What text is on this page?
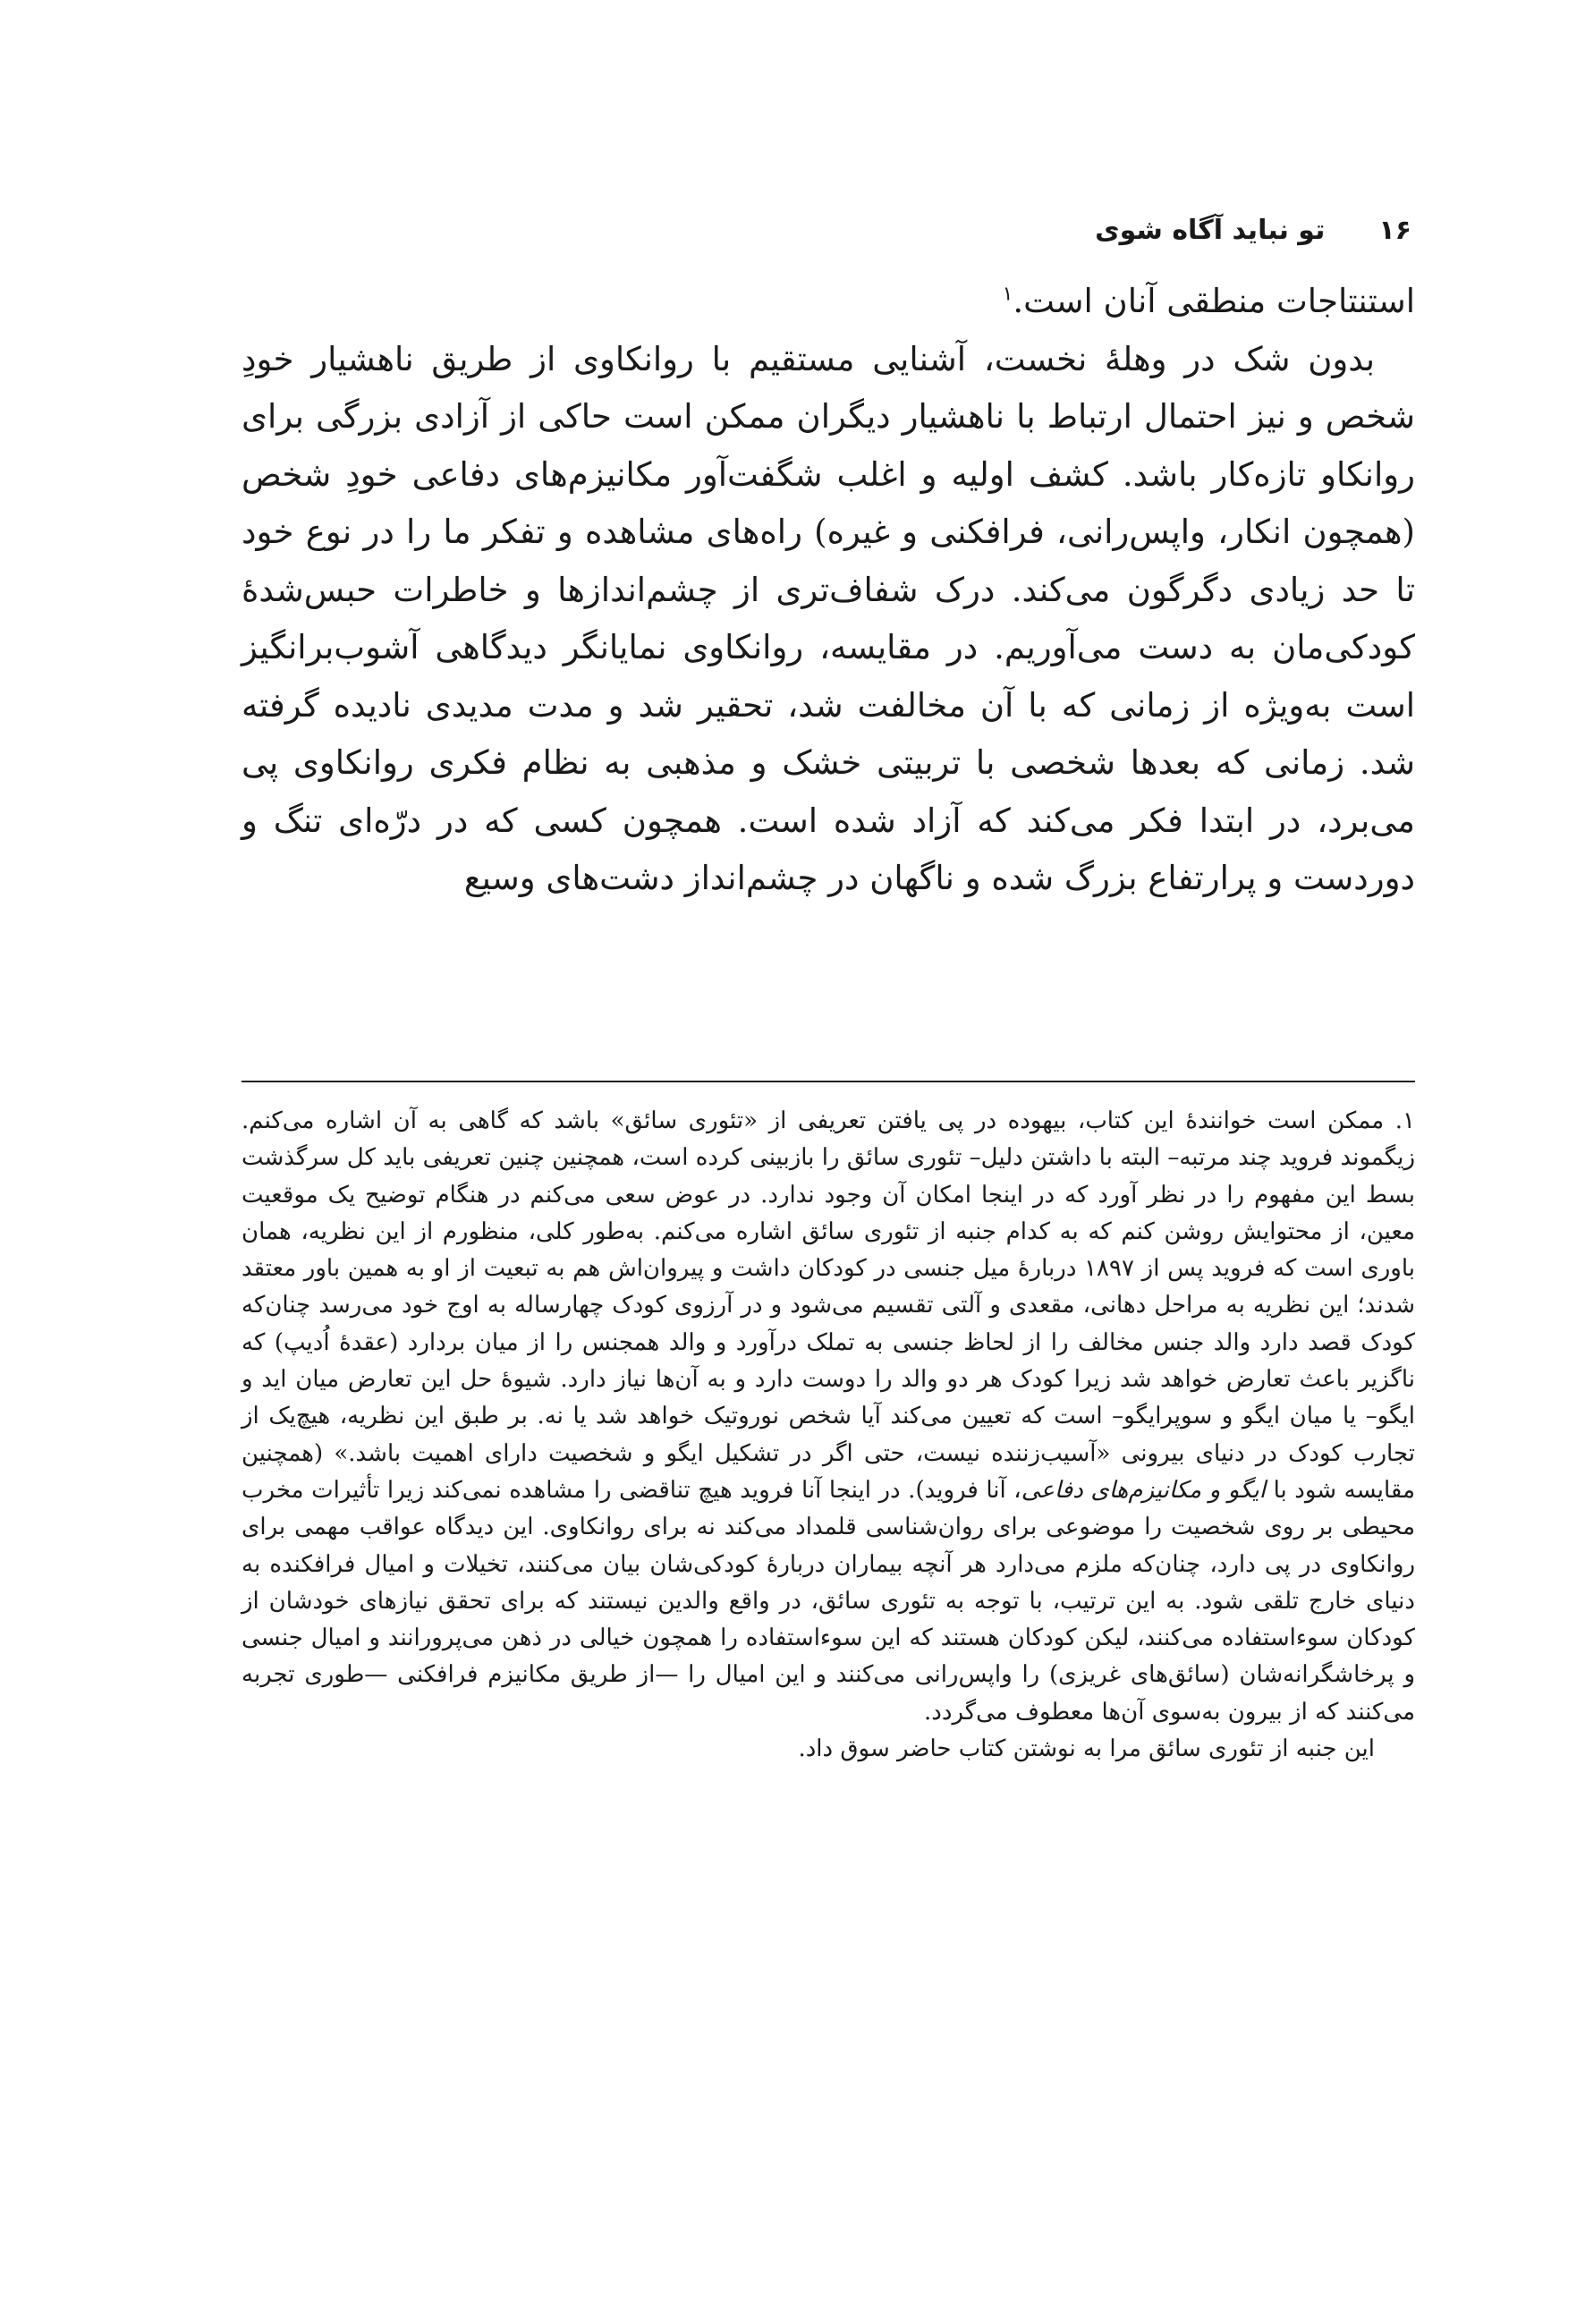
۱۶
تو نباید آگاه شوی

استنتاجات منطقی آنان است.$^۱$

بدون شک در وهلهٔ نخست، آشنایی مستقیم با روانکاوی از طریق ناهشیار خودِ شخص و نیز احتمال ارتباط با ناهشیار دیگران ممکن است حاکی از آزادی بزرگی برای روانکاو تازه‌کار باشد. کشف اولیه و اغلب شگفت‌آور مکانیزم‌های دفاعی خودِ شخص (همچون انکار، واپس‌رانی، فرافکنی و غیره) راه‌های مشاهده و تفکر ما را در نوع خود تا حد زیادی دگرگون می‌کند. درک شفاف‌تری از چشم‌اندازها و خاطرات حبس‌شدهٔ کودکی‌مان به دست می‌آوریم. در مقایسه، روانکاوی نمایانگر دیدگاهی آشوب‌برانگیز است به‌ویژه از زمانی که با آن مخالفت شد، تحقیر شد و مدت مدیدی نادیده گرفته شد. زمانی که بعدها شخصی با تربیتی خشک و مذهبی به نظام فکری روانکاوی پی می‌برد، در ابتدا فکر می‌کند که آزاد شده است. همچون کسی که در درّه‌ای تنگ و دوردست و پرارتفاع بزرگ شده و ناگهان در چشم‌انداز دشت‌های وسیع

۱. ممکن است خوانندهٔ این کتاب، بیهوده در پی یافتن تعریفی از «تئوری سائق» باشد که گاهی به آن اشاره می‌کنم. زیگموند فروید چند مرتبه– البته با داشتن دلیل– تئوری سائق را بازبینی کرده است، همچنین چنین تعریفی باید کل سرگذشت بسط این مفهوم را در نظر آورد که در اینجا امکان آن وجود ندارد. در عوض سعی می‌کنم در هنگام توضیح یک موقعیت معین، از محتوایش روشن کنم که به کدام جنبه از تئوری سائق اشاره می‌کنم. به‌طور کلی، منظورم از این نظریه، همان باوری است که فروید پس از ۱۸۹۷ دربارهٔ میل جنسی در کودکان داشت و پیروان‌اش هم به تبعیت از او به همین باور معتقد شدند؛ این نظریه به مراحل دهانی، مقعدی و آلتی تقسیم می‌شود و در آرزوی کودک چهارساله به اوج خود می‌رسد چنان‌که کودک قصد دارد والد جنس مخالف را از لحاظ جنسی به تملک درآورد و والد همجنس را از میان بردارد (عقدهٔ اُدیپ) که ناگزیر باعث تعارض خواهد شد زیرا کودک هر دو والد را دوست دارد و به آن‌ها نیاز دارد. شیوهٔ حل این تعارض میان اید و ایگو– یا میان ایگو و سوپرایگو– است که تعیین می‌کند آیا شخص نوروتیک خواهد شد یا نه. بر طبق این نظریه، هیچ‌یک از تجارب کودک در دنیای بیرونی «آسیب‌زننده نیست، حتی اگر در تشکیل ایگو و شخصیت دارای اهمیت باشد.» (همچنین مقایسه شود با ایگو و مکانیزم‌های دفاعی، آنا فروید). در اینجا آنا فروید هیچ تناقضی را مشاهده نمی‌کند زیرا تأثیرات مخرب محیطی بر روی شخصیت را موضوعی برای روان‌شناسی قلمداد می‌کند نه برای روانکاوی. این دیدگاه عواقب مهمی برای روانکاوی در پی دارد، چنان‌که ملزم می‌دارد هر آنچه بیماران دربارهٔ کودکی‌شان بیان می‌کنند، تخیلات و امیال فرافکنده به دنیای خارج تلقی شود. به این ترتیب، با توجه به تئوری سائق، در واقع والدین نیستند که برای تحقق نیازهای خودشان از کودکان سوءاستفاده می‌کنند، لیکن کودکان هستند که این سوءاستفاده را همچون خیالی در ذهن می‌پرورانند و امیال جنسی و پرخاشگرانه‌شان (سائق‌های غریزی) را واپس‌رانی می‌کنند و این امیال را —از طریق مکانیزم فرافکنی —طوری تجربه می‌کنند که از بیرون به‌سوی آن‌ها معطوف می‌گردد.

این جنبه از تئوری سائق مرا به نوشتن کتاب حاضر سوق داد.
